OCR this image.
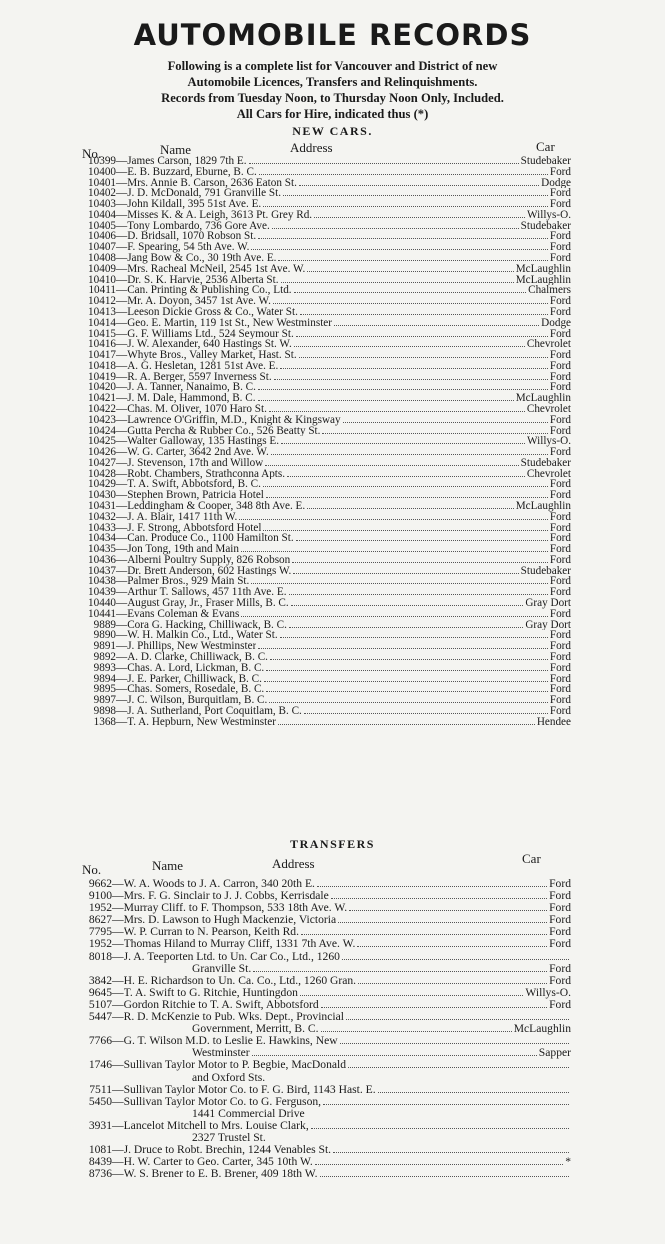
AUTOMOBILE RECORDS
Following is a complete list for Vancouver and District of new
Automobile Licences, Transfers and Relinquishments.
Records from Tuesday Noon, to Thursday Noon Only, Included.
All Cars for Hire, indicated thus (*)
NEW CARS.
No.	Name	Address	Car
10399 — James Carson, 1829 7th E.	Studebaker
10400 — E. B. Buzzard, Eburne, B. C.	Ford
10401 — Mrs. Annie B. Carson, 2636 Eaton St.	Dodge
10402 — J. D. McDonald, 791 Granville St.	Ford
10403 — John Kildall, 395 51st Ave. E.	Ford
10404 — Misses K. & A. Leigh, 3613 Pt. Grey Rd.	Willys-O.
10405 — Tony Lombardo, 736 Gore Ave.	Studebaker
10406 — D. Bridsall, 1070 Robson St.	Ford
10407 — F. Spearing, 54 5th Ave. W.	Ford
10408 — Jang Bow & Co., 30 19th Ave. E.	Ford
10409 — Mrs. Racheal McNeil, 2545 1st Ave. W.	McLaughlin
10410 — Dr. S. K. Harvie, 2536 Alberta St.	McLaughlin
10411 — Can. Printing & Publishing Co., Ltd.	Chalmers
10412 — Mr. A. Doyon, 3457 1st Ave. W.	Ford
10413 — Leeson Dickie Gross & Co., Water St.	Ford
10414 — Geo. E. Martin, 119 1st St., New Westminster	Dodge
10415 — G. F. Williams Ltd., 524 Seymour St.	Ford
10416 — J. W. Alexander, 640 Hastings St. W.	Chevrolet
10417 — Whyte Bros., Valley Market, Hast. St.	Ford
10418 — A. G. Hesletan, 1281 51st Ave. E.	Ford
10419 — R. A. Berger, 5597 Inverness St.	Ford
10420 — J. A. Tanner, Nanaimo, B. C.	Ford
10421 — J. M. Dale, Hammond, B. C.	McLaughlin
10422 — Chas. M. Oliver, 1070 Haro St.	Chevrolet
10423 — Lawrence O'Griffin, M.D., Knight & Kingsway	Ford
10424 — Gutta Percha & Rubber Co., 526 Beatty St.	Ford
10425 — Walter Galloway, 135 Hastings E.	Willys-O.
10426 — W. G. Carter, 3642 2nd Ave. W.	Ford
10427 — J. Stevenson, 17th and Willow	Studebaker
10428 — Robt. Chambers, Strathconna Apts.	Chevrolet
10429 — T. A. Swift, Abbotsford, B. C.	Ford
10430 — Stephen Brown, Patricia Hotel	Ford
10431 — Leddingham & Cooper, 348 8th Ave. E.	McLaughlin
10432 — J. A. Blair, 1417 11th W.	Ford
10433 — J. F. Strong, Abbotsford Hotel	Ford
10434 — Can. Produce Co., 1100 Hamilton St.	Ford
10435 — Jon Tong, 19th and Main	Ford
10436 — Alberni Poultry Supply, 826 Robson	Ford
10437 — Dr. Brett Anderson, 602 Hastings W.	Studebaker
10438 — Palmer Bros., 929 Main St.	Ford
10439 — Arthur T. Sallows, 457 11th Ave. E.	Ford
10440 — August Gray, Jr., Fraser Mills, B. C.	Gray Dort
10441 — Evans Coleman & Evans	Ford
9889 — Cora G. Hacking, Chilliwack, B. C.	Gray Dort
9890 — W. H. Malkin Co., Ltd., Water St.	Ford
9891 — J. Phillips, New Westminster	Ford
9892 — A. D. Clarke, Chilliwack, B. C.	Ford
9893 — Chas. A. Lord, Lickman, B. C.	Ford
9894 — J. E. Parker, Chilliwack, B. C.	Ford
9895 — Chas. Somers, Rosedale, B. C.	Ford
9897 — J. C. Wilson, Burquitlam, B. C.	Ford
9898 — J. A. Sutherland, Port Coquitlam, B. C.	Ford
1368 — T. A. Hepburn, New Westminster	Hendee
TRANSFERS
No.	Name	Address	Car
9662 — W. A. Woods to J. A. Carron, 340 20th E.	Ford
9100 — Mrs. F. G. Sinclair to J. J. Cobbs, Kerrisdale	Ford
1952 — Murray Cliff. to F. Thompson, 533 18th Ave. W.	Ford
8627 — Mrs. D. Lawson to Hugh Mackenzie, Victoria	Ford
7795 — W. P. Curran to N. Pearson, Keith Rd.	Ford
1952 — Thomas Hiland to Murray Cliff, 1331 7th Ave. W.	Ford
8018 — J. A. Teeporten Ltd. to Un. Car Co., Ltd., 1260
Granville St.	Ford
3842 — H. E. Richardson to Un. Ca. Co., Ltd., 1260 Gran.	Ford
9645 — T. A. Swift to G. Ritchie, Huntingdon	Willys-O.
5107 — Gordon Ritchie to T. A. Swift, Abbotsford	Ford
5447 — R. D. McKenzie to Pub. Wks. Dept., Provincial
Government, Merritt, B. C.	McLaughlin
7766 — G. T. Wilson M.D. to Leslie E. Hawkins, New
Westminster	Sapper
1746 — Sullivan Taylor Motor to P. Begbie, MacDonald
and Oxford Sts.
7511 — Sullivan Taylor Motor Co. to F. G. Bird, 1143 Hast. E.
5450 — Sullivan Taylor Motor Co. to G. Ferguson,
1441 Commercial Drive
3931 — Lancelot Mitchell to Mrs. Louise Clark,
2327 Trustel St.
1081 — J. Druce to Robt. Brechin, 1244 Venables St.
8439 — H. W. Carter to Geo. Carter, 345 10th W.	*
8736 — W. S. Brener to E. B. Brener, 409 18th W.
